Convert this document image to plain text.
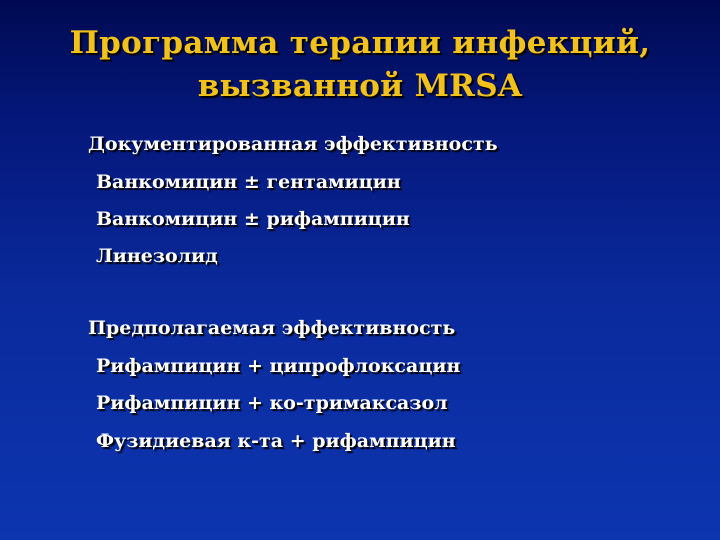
Программа терапии инфекций,
вызванной MRSA
Документированная эффективность
Ванкомицин ± гентамицин
Ванкомицин ± рифампицин
Линезолид
Предполагаемая эффективность
Рифампицин + ципрофлоксацин
Рифампицин + ко-тримаксазол
Фузидиевая к-та + рифампицин
